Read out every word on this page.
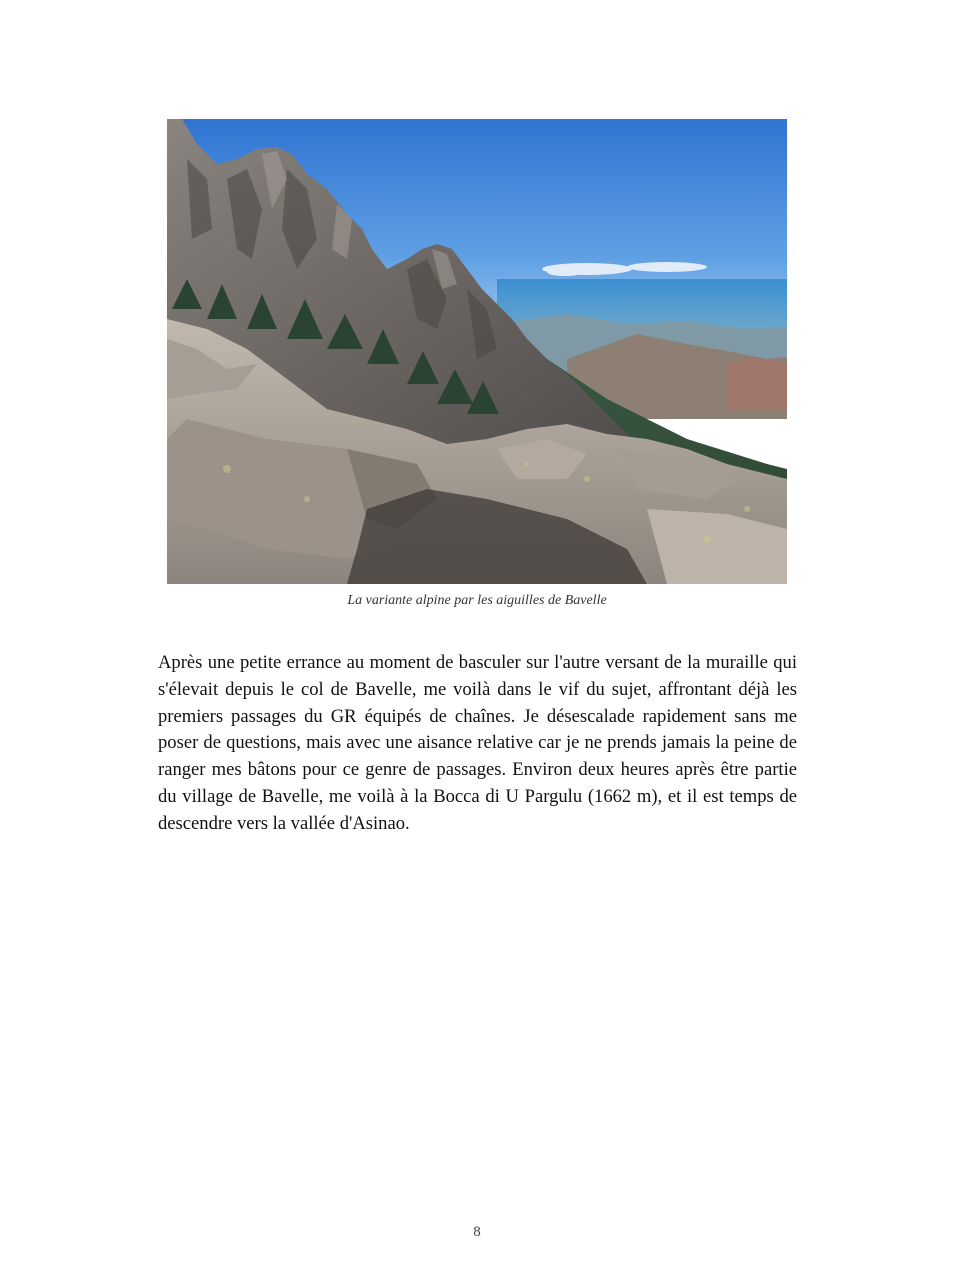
La variante alpine par les aiguilles de Bavelle

Après une petite errance au moment de basculer sur l'autre versant de la muraille qui s'élevait depuis le col de Bavelle, me voilà dans le vif du sujet, affrontant déjà les premiers passages du GR équipés de chaînes. Je désescalade rapidement sans me poser de questions, mais avec une aisance relative car je ne prends jamais la peine de ranger mes bâtons pour ce genre de passages. Environ deux heures après être partie du village de Bavelle, me voilà à la Bocca di U Pargulu (1662 m), et il est temps de descendre vers la vallée d'Asinao.

8
